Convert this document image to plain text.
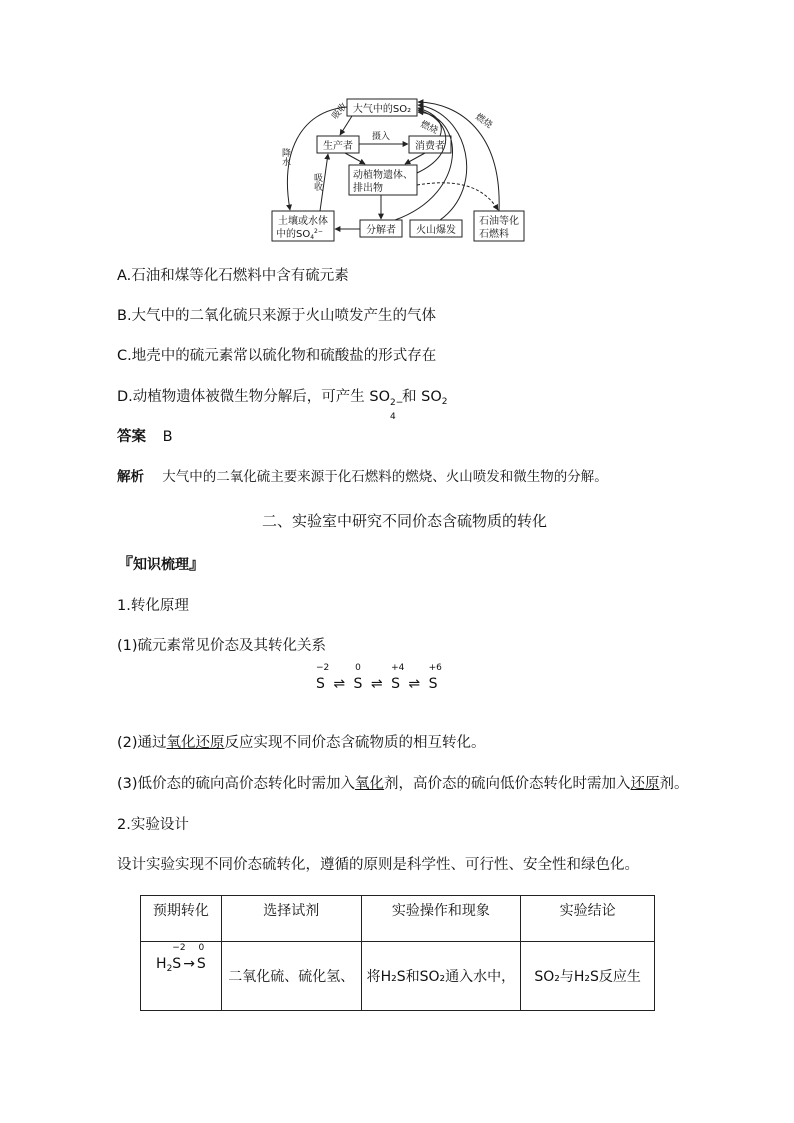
大气中的SO₂
生产者	消费者
动植物遗体、
排出物
土壤或水体
中的$SO_4^{2-}$	分解者 火山爆发
石油等化
石燃料
降水
吸收
摄入
燃烧	燃烧
吸收
A.石油和煤等化石燃料中含有硫元素
B.大气中的二氧化硫只来源于火山喷发产生的气体
C.地壳中的硫元素常以硫化物和硫酸盐的形式存在
D.动植物遗体被微生物分解后，可产生 SO 2−
4
和 $SO_2$
答案 B
解析 大气中的二氧化硫主要来源于化石燃料的燃烧、火山喷发和微生物的分解。
二、实验室中研究不同价态含硫物质的转化
『知识梳理』
1.转化原理
(1)硫元素常见价态及其转化关系
−2
S ⇌
0
S ⇌
+4
S ⇌
+6
S
(2)通过氧化还原反应实现不同价态含硫物质的相互转化。
(3)低价态的硫向高价态转化时需加入氧化剂，高价态的硫向低价态转化时需加入还原剂。
2.实验设计
设计实验实现不同价态硫转化，遵循的原则是科学性、可行性、安全性和绿色化。
预期转化	选择试剂	实验操作和现象	实验结论
$H_2$
−2
S →
0
S	二氧化硫、硫化氢、	将H₂S和SO₂通入水中，	SO₂与H₂S反应生
